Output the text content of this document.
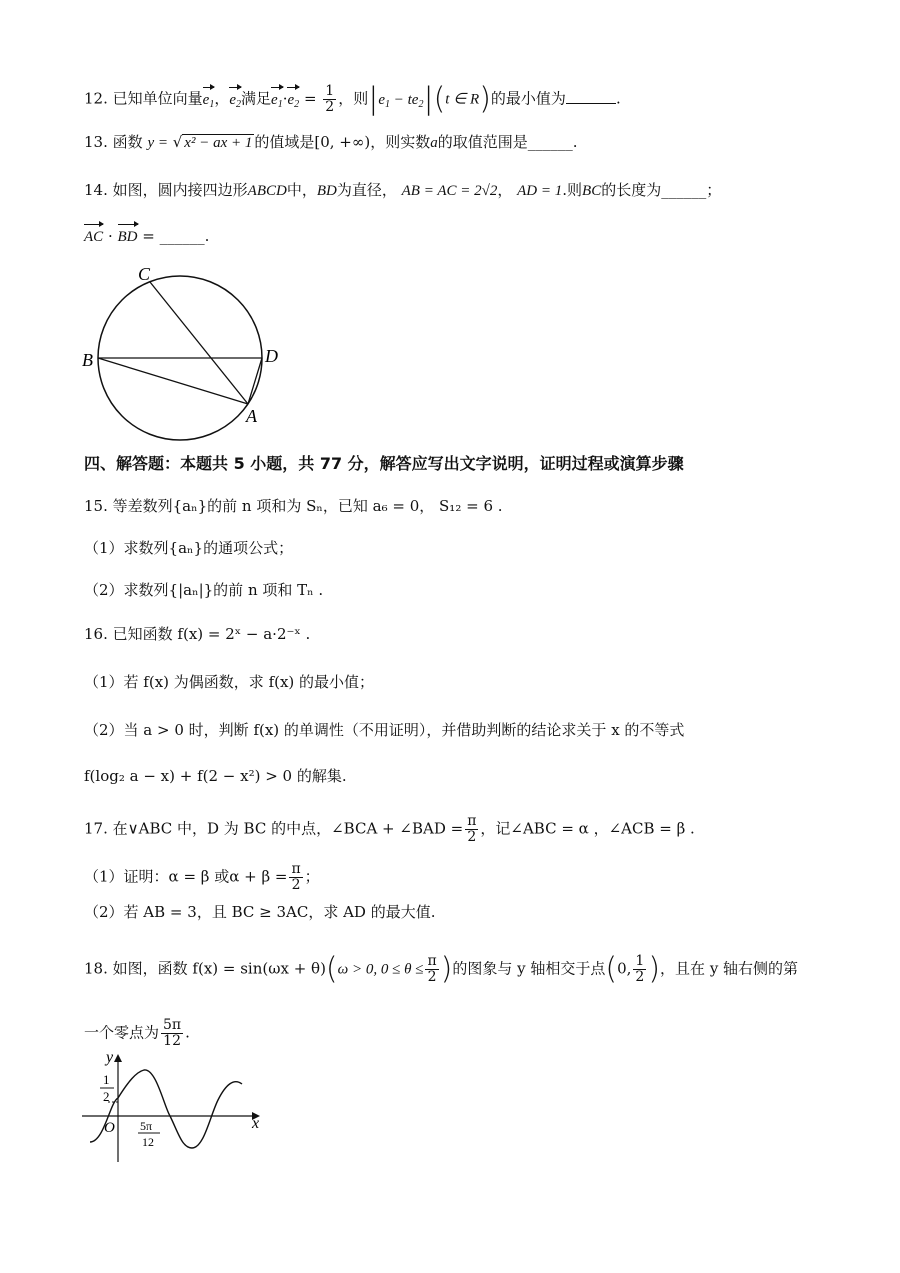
12. 已知单位向量$e_1$，$e_2$满足$e_1\cdot e_2 = \frac{1}{2}$ ，则$|e_1 - te_2|(t$ ∈ R)的最小值为	.
13. 函数 y = √ x² − ax + 1 的值域是[0, +∞)，则实数a的取值范围是______.
14. 如图，圆内接四边形ABCD中，BD为直径， AB = AC = 2√2， AD = 1.则BC的长度为______；
AC · BD = ______.
C
B	D
A
四、解答题：本题共 5 小题，共 77 分，解答应写出文字说明，证明过程或演算步骤
15. 等差数列{aₙ}的前 n 项和为 Sₙ，已知 a₆ = 0， S₁₂ = 6 .
（1）求数列{aₙ}的通项公式；
（2）求数列{|aₙ|}的前 n 项和 Tₙ .
16. 已知函数 f(x) = 2ˣ − a·2⁻ˣ .
（1）若 f(x) 为偶函数，求 f(x) 的最小值；
（2）当 a > 0 时，判断 f(x) 的单调性（不用证明），并借助判断的结论求关于 x 的不等式
f(log₂ a − x) + f(2 − x²) > 0 的解集.
17. 在∨ABC 中，D 为 BC 的中点，∠BCA + ∠BAD = $\frac{\pi}{2}$ ，记∠ABC = α ，∠ACB = β .
（1）证明：α = β 或$\alpha + \beta = \frac{\pi}{2}$ ；
（2）若 AB = 3，且 BC ≥ 3AC，求 AD 的最大值.
18. 如图，函数 f(x) = sin(ωx + θ)(ω > 0, $0 \le \theta \le \frac{\pi}{2}$ )的图象与 y 轴相交于点(0, $\frac{1}{2}$ )，且在 y 轴右侧的第
一个零点为 $\frac{5\pi}{12}$ .
y
x
O
1
2
5π
12
